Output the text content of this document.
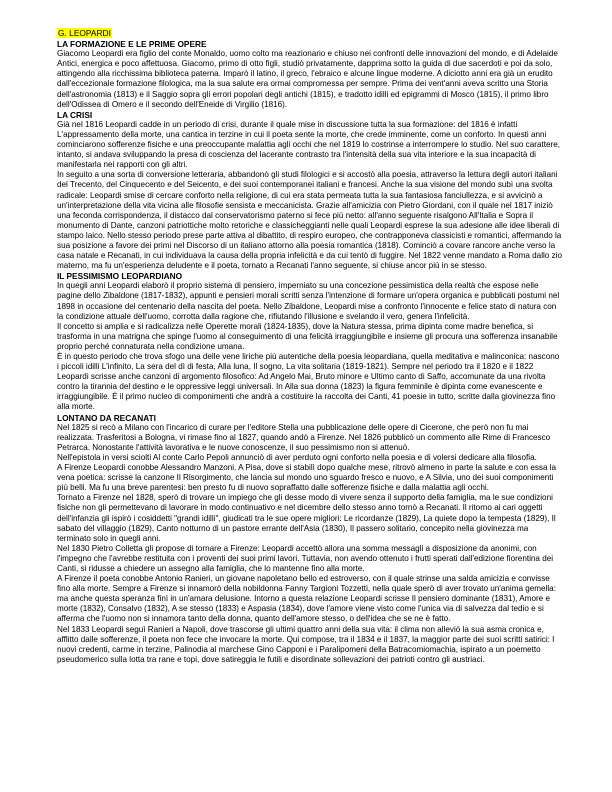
G. LEOPARDI
LA FORMAZIONE E LE PRIME OPERE

Giacomo Leopardi era figlio del conte Monaldo, uomo colto ma reazionario e chiuso nei confronti delle innovazioni del mondo, e di Adelaide Antici, energica e poco affettuosa. Giacomo, primo di otto figli, studiò privatamente, dapprima sotto la guida di due sacerdoti e poi da solo, attingendo alla ricchissima biblioteca paterna. Imparò il latino, il greco, l'ebraico e alcune lingue moderne. A diciotto anni era già un erudito dall'eccezionale formazione filologica, ma la sua salute era ormai compromessa per sempre. Prima dei vent'anni aveva scritto una Storia dell'astronomia (1813) e il Saggio sopra gli errori popolari degli antichi (1815), e tradotto idilli ed epigrammi di Mosco (1815), il primo libro dell'Odissea di Omero e il secondo dell'Eneide di Virgilio (1816).

LA CRISI

Già nel 1816 Leopardi cadde in un periodo di crisi, durante il quale mise in discussione tutta la sua formazione: del 1816 è infatti L'appressamento della morte, una cantica in terzine in cui il poeta sente la morte, che crede imminente, come un conforto. In questi anni cominciarono sofferenze fisiche e una preoccupante malattia agli occhi che nel 1819 lo costrinse a interrompere lo studio. Nel suo carattere, intanto, si andava sviluppando la presa di coscienza del lacerante contrasto tra l'intensità della sua vita interiore e la sua incapacità di manifestarla nei rapporti con gli altri.

In seguito a una sorta di conversione letteraria, abbandonò gli studi filologici e si accostò alla poesia, attraverso la lettura degli autori italiani del Trecento, del Cinquecento e del Seicento, e dei suoi contemporanei italiani e francesi. Anche la sua visione del mondo subì una svolta radicale: Leopardi smise di cercare conforto nella religione, di cui era stata permeata tutta la sua fantasiosa fanciullezza, e si avvicinò a un'interpretazione della vita vicina alle filosofie sensista e meccanicista. Grazie all'amicizia con Pietro Giordani, con il quale nel 1817 iniziò una feconda corrispondenza, il distacco dal conservatorismo paterno si fece più netto: all'anno seguente risalgono All'Italia e Sopra il monumento di Dante, canzoni patriottiche molto retoriche e classicheggianti nelle quali Leopardi esprese la sua adesione alle idee liberali di stampo laico. Nello stesso periodo prese parte attiva al dibattito, di respiro europeo, che contrapponeva classicisti e romantici, affermando la sua posizione a favore dei primi nel Discorso di un italiano attorno alla poesia romantica (1818). Cominciò a covare rancore anche verso la casa natale e Recanati, in cui individuava la causa della propria infelicità e da cui tentò di fuggire. Nel 1822 venne mandato a Roma dallo zio materno, ma fu un'esperienza deludente e il poeta, tornato a Recanati l'anno seguente, si chiuse ancor più in se stesso.

IL PESSIMISMO LEOPARDIANO

In quegli anni Leopardi elaborò il proprio sistema di pensiero, imperniato su una concezione pessimistica della realtà che espose nelle pagine dello Zibaldone (1817-1832), appunti e pensieri morali scritti senza l'intenzione di formare un'opera organica e pubblicati postumi nel 1898 in occasione del centenario della nascita del poeta. Nello Zibaldone, Leopardi mise a confronto l'innocente e felice stato di natura con la condizione attuale dell'uomo, corrotta dalla ragione che, rifiutando l'illusione e svelando il vero, genera l'infelicità.

Il concetto si amplia e si radicalizza nelle Operette morali (1824-1835), dove la Natura stessa, prima dipinta come madre benefica, si trasforma in una matrigna che spinge l'uomo al conseguimento di una felicità irraggiungibile e insieme gli procura una sofferenza insanabile proprio perché connaturata nella condizione umana.

È in questo periodo che trova sfogo una delle vene liriche più autentiche della poesia leopardiana, quella meditativa e malinconica: nascono i piccoli idilli L'infinito, La sera del dì di festa, Alla luna, Il sogno, La vita solitaria (1819-1821). Sempre nel periodo tra il 1820 e il 1822 Leopardi scrisse anche canzoni di argomento filosofico: Ad Angelo Mai, Bruto minore e Ultimo canto di Saffo, accomunate da una rivolta contro la tirannia del destino e le oppressive leggi universali. In Alla sua donna (1823) la figura femminile è dipinta come evanescente e irraggiungibile. È il primo nucleo di componimenti che andrà a costituire la raccolta dei Canti, 41 poesie in tutto, scritte dalla giovinezza fino alla morte.

LONTANO DA RECANATI

Nel 1825 si recò a Milano con l'incarico di curare per l'editore Stella una pubblicazione delle opere di Cicerone, che però non fu mai realizzata. Trasferitosi a Bologna, vi rimase fino al 1827, quando andò a Firenze. Nel 1826 pubblicò un commento alle Rime di Francesco Petrarca. Nonostante l'attività lavorativa e le nuove conoscenze, il suo pessimismo non si attenuò.

Nell'epistola in versi sciolti Al conte Carlo Pepoli annunciò di aver perduto ogni conforto nella poesia e di volersi dedicare alla filosofia.

A Firenze Leopardi conobbe Alessandro Manzoni. A Pisa, dove si stabilì dopo qualche mese, ritrovò almeno in parte la salute e con essa la vena poetica: scrisse la canzone Il Risorgimento, che lancia sul mondo uno sguardo fresco e nuovo, e A Silvia, uno dei suoi componimenti più belli. Ma fu una breve parentesi: ben presto fu di nuovo sopraffatto dalle sofferenze fisiche e dalla malattia agli occhi.

Tornato a Firenze nel 1828, sperò di trovare un impiego che gli desse modo di vivere senza il supporto della famiglia, ma le sue condizioni fisiche non gli permettevano di lavorare in modo continuativo e nel dicembre dello stesso anno tornò a Recanati. Il ritorno ai cari oggetti dell'infanzia gli ispirò i cosiddetti "grandi idilli", giudicati tra le sue opere migliori: Le ricordanze (1829), La quiete dopo la tempesta (1829), Il sabato del villaggio (1829), Canto notturno di un pastore errante dell'Asia (1830), Il passero solitario, concepito nella giovinezza ma terminato solo in quegli anni.

Nel 1830 Pietro Colletta gli propose di tornare a Firenze: Leopardi accettò allora una somma messagli a disposizione da anonimi, con l'impegno che l'avrebbe restituita con i proventi dei suoi primi lavori. Tuttavia, non avendo ottenuto i frutti sperati dall'edizione fiorentina dei Canti, si ridusse a chiedere un assegno alla famiglia, che lo mantenne fino alla morte.

A Firenze il poeta conobbe Antonio Ranieri, un giovane napoletano bello ed estroverso, con il quale strinse una salda amicizia e convisse fino alla morte. Sempre a Firenze si innamorò della nobildonna Fanny Targioni Tozzetti, nella quale sperò di aver trovato un'anima gemella: ma anche questa speranza finì in un'amara delusione. Intorno a questa relazione Leopardi scrisse Il pensiero dominante (1831), Amore e morte (1832), Consalvo (1832), A se stesso (1833) e Aspasia (1834), dove l'amore viene visto come l'unica via di salvezza dal tedio e si afferma che l'uomo non si innamora tanto della donna, quanto dell'amore stesso, o dell'idea che se ne è fatto.

Nel 1833 Leopardi seguì Ranieri a Napoli, dove trascorse gli ultimi quattro anni della sua vita: il clima non alleviò la sua asma cronica e, afflitto dalle sofferenze, il poeta non fece che invocare la morte. Qui compose, tra il 1834 e il 1837, la maggior parte dei suoi scritti satirici: I nuovi credenti, carme in terzine, Palinodia al marchese Gino Capponi e i Paralipomeni della Batracomiomachia, ispirato a un poemetto pseudomerico sulla lotta tra rane e topi, dove satireggia le futili e disordinate sollevazioni dei patrioti contro gli austriaci.
